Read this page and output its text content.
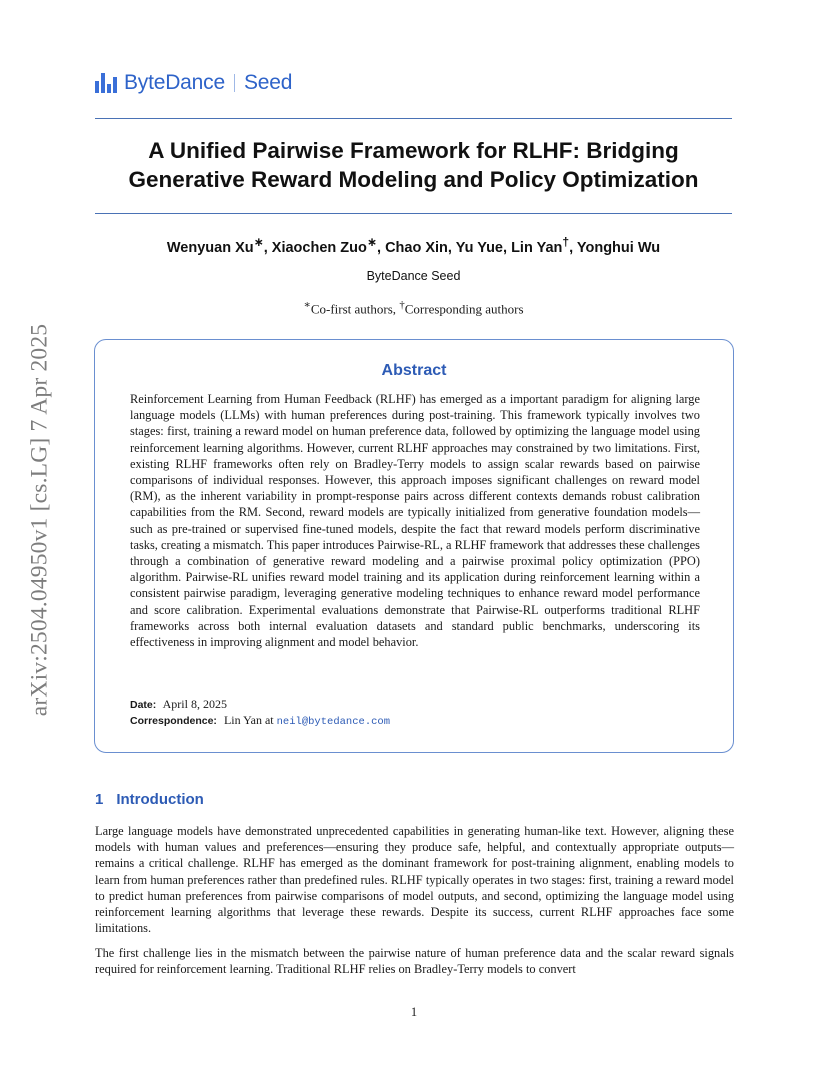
ByteDance Seed
A Unified Pairwise Framework for RLHF: Bridging
Generative Reward Modeling and Policy Optimization
Wenyuan Xu∗, Xiaochen Zuo∗, Chao Xin, Yu Yue, Lin Yan†, Yonghui Wu
ByteDance Seed
∗Co-first authors, †Corresponding authors
arXiv:2504.04950v1 [cs.LG] 7 Apr 2025	Abstract
Reinforcement Learning from Human Feedback (RLHF) has emerged as a important paradigm for aligning large language models (LLMs) with human preferences during post-training. This framework typically involves two stages: first, training a reward model on human preference data, followed by optimizing the language model using reinforcement learning algorithms. However, current RLHF approaches may constrained by two limitations. First, existing RLHF frameworks often rely on Bradley-Terry models to assign scalar rewards based on pairwise comparisons of individual responses. However, this approach imposes significant challenges on reward model (RM), as the inherent variability in prompt-response pairs across different contexts demands robust calibration capabilities from the RM. Second, reward models are typically initialized from generative foundation models—such as pre-trained or supervised fine-tuned models, despite the fact that reward models perform discriminative tasks, creating a mismatch. This paper introduces Pairwise-RL, a RLHF framework that addresses these challenges through a combination of generative reward modeling and a pairwise proximal policy optimization (PPO) algorithm. Pairwise-RL unifies reward model training and its application during reinforcement learning within a consistent pairwise paradigm, leveraging generative modeling techniques to enhance reward model performance and score calibration. Experimental evaluations demonstrate that Pairwise-RL outperforms traditional RLHF frameworks across both internal evaluation datasets and standard public benchmarks, underscoring its effectiveness in improving alignment and model behavior.
Date: April 8, 2025
Correspondence: Lin Yan at neil@bytedance.com
1 Introduction
Large language models have demonstrated unprecedented capabilities in generating human-like text. However, aligning these models with human values and preferences—ensuring they produce safe, helpful, and contextually appropriate outputs—remains a critical challenge. RLHF has emerged as the dominant framework for post-training alignment, enabling models to learn from human preferences rather than predefined rules. RLHF typically operates in two stages: first, training a reward model to predict human preferences from pairwise comparisons of model outputs, and second, optimizing the language model using reinforcement learning algorithms that leverage these rewards. Despite its success, current RLHF approaches face some limitations.
The first challenge lies in the mismatch between the pairwise nature of human preference data and the scalar reward signals required for reinforcement learning. Traditional RLHF relies on Bradley-Terry models to convert
1
